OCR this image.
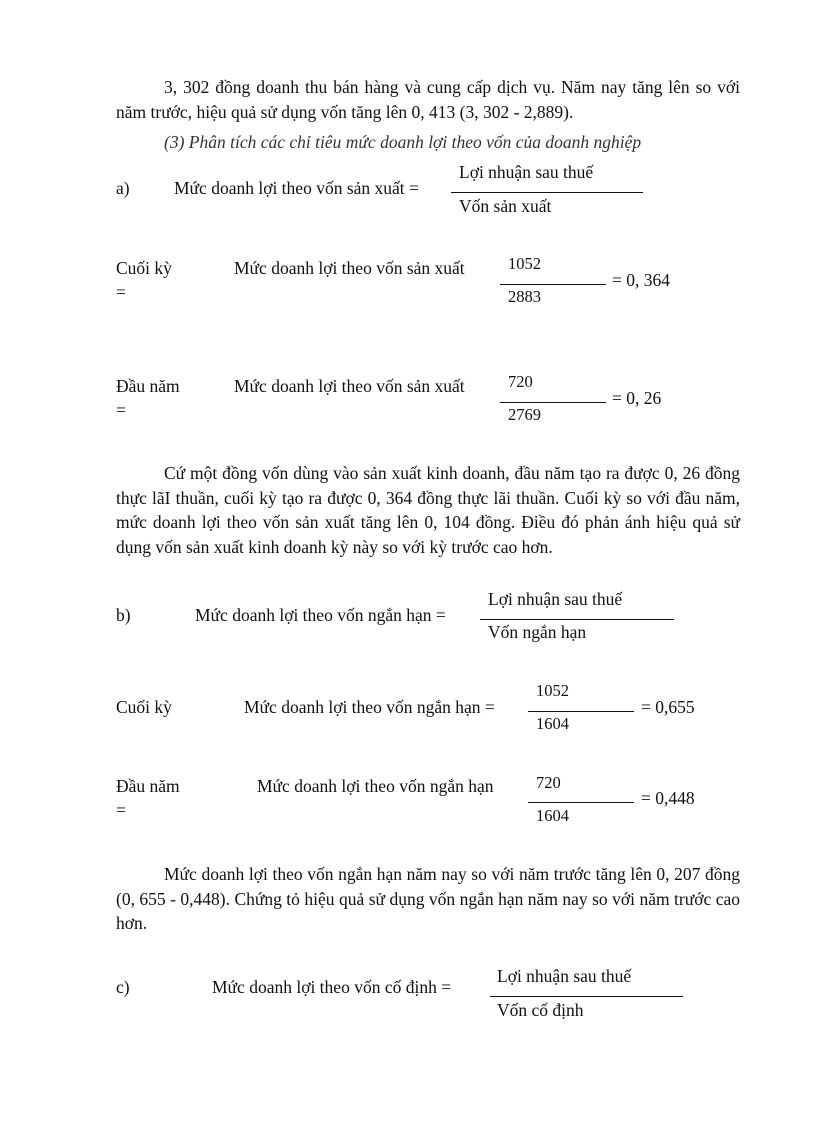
3, 302 đồng doanh thu bán hàng và cung cấp dịch vụ. Năm nay tăng lên so với năm trước, hiệu quả sử dụng vốn tăng lên 0, 413 (3, 302 - 2,889).

(3) Phân tích các chỉ tiêu mức doanh lợi theo vốn của doanh nghiệp
a)	Mức doanh lợi theo vốn sản xuất =
Lợi nhuận sau thuế
Vốn sản xuất
Cuối kỳ
=
Mức doanh lợi theo vốn sản xuất	1052
2883
= 0, 364
Đầu năm
=
Mức doanh lợi theo vốn sản xuất	720
2769
= 0, 26

Cứ một đồng vốn dùng vào sản xuất kinh doanh, đầu năm tạo ra được 0, 26 đồng thực lãI thuần, cuối kỳ tạo ra được 0, 364 đồng thực lãi thuần. Cuối kỳ so với đầu năm, mức doanh lợi theo vốn sản xuất tăng lên 0, 104 đồng. Điều đó phản ánh hiệu quả sử dụng vốn sản xuất kinh doanh kỳ này so với kỳ trước cao hơn.

b)	Mức doanh lợi theo vốn ngắn hạn =
Lợi nhuận sau thuế
Vốn ngắn hạn
Cuối kỳ	Mức doanh lợi theo vốn ngắn hạn =
1052
1604
= 0,655
Đầu năm
=
Mức doanh lợi theo vốn ngắn hạn	720
1604
= 0,448

Mức doanh lợi theo vốn ngắn hạn năm nay so với năm trước tăng lên 0, 207 đồng (0, 655 - 0,448). Chứng tỏ hiệu quả sử dụng vốn ngắn hạn năm nay so với năm trước cao hơn.

c)	Mức doanh lợi theo vốn cố định =
Lợi nhuận sau thuế
Vốn cố định
